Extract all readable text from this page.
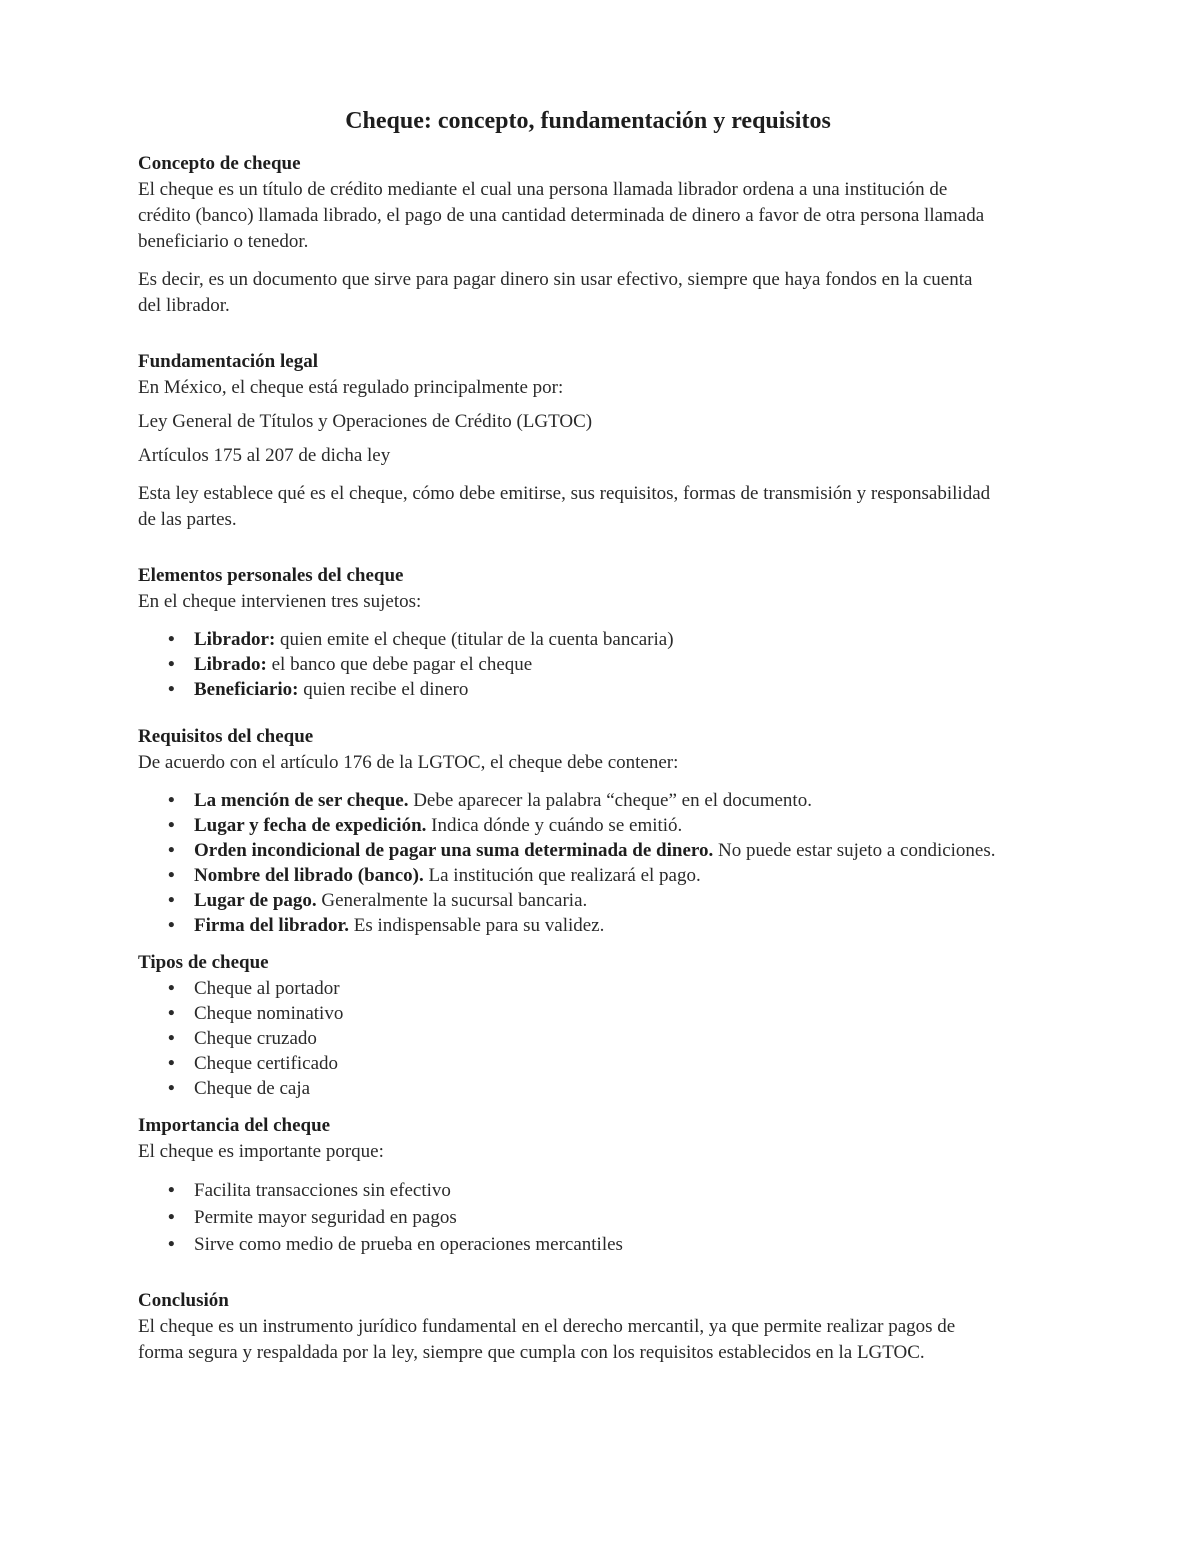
Cheque: concepto, fundamentación y requisitos
Concepto de cheque

El cheque es un título de crédito mediante el cual una persona llamada librador ordena a una institución de crédito (banco) llamada librado, el pago de una cantidad determinada de dinero a favor de otra persona llamada beneficiario o tenedor.

Es decir, es un documento que sirve para pagar dinero sin usar efectivo, siempre que haya fondos en la cuenta del librador.

Fundamentación legal

En México, el cheque está regulado principalmente por:

Ley General de Títulos y Operaciones de Crédito (LGTOC)

Artículos 175 al 207 de dicha ley

Esta ley establece qué es el cheque, cómo debe emitirse, sus requisitos, formas de transmisión y responsabilidad de las partes.

Elementos personales del cheque

En el cheque intervienen tres sujetos:

• Librador: quien emite el cheque (titular de la cuenta bancaria)
• Librado: el banco que debe pagar el cheque
• Beneficiario: quien recibe el dinero
Requisitos del cheque

De acuerdo con el artículo 176 de la LGTOC, el cheque debe contener:

• La mención de ser cheque. Debe aparecer la palabra “cheque” en el documento.
• Lugar y fecha de expedición. Indica dónde y cuándo se emitió.
• Orden incondicional de pagar una suma determinada de dinero. No puede estar sujeto a condiciones.
• Nombre del librado (banco). La institución que realizará el pago.
• Lugar de pago. Generalmente la sucursal bancaria.
• Firma del librador. Es indispensable para su validez.
Tipos de cheque
• Cheque al portador
• Cheque nominativo
• Cheque cruzado
• Cheque certificado
• Cheque de caja
Importancia del cheque

El cheque es importante porque:

• Facilita transacciones sin efectivo
• Permite mayor seguridad en pagos
• Sirve como medio de prueba en operaciones mercantiles
Conclusión

El cheque es un instrumento jurídico fundamental en el derecho mercantil, ya que permite realizar pagos de forma segura y respaldada por la ley, siempre que cumpla con los requisitos establecidos en la LGTOC.
